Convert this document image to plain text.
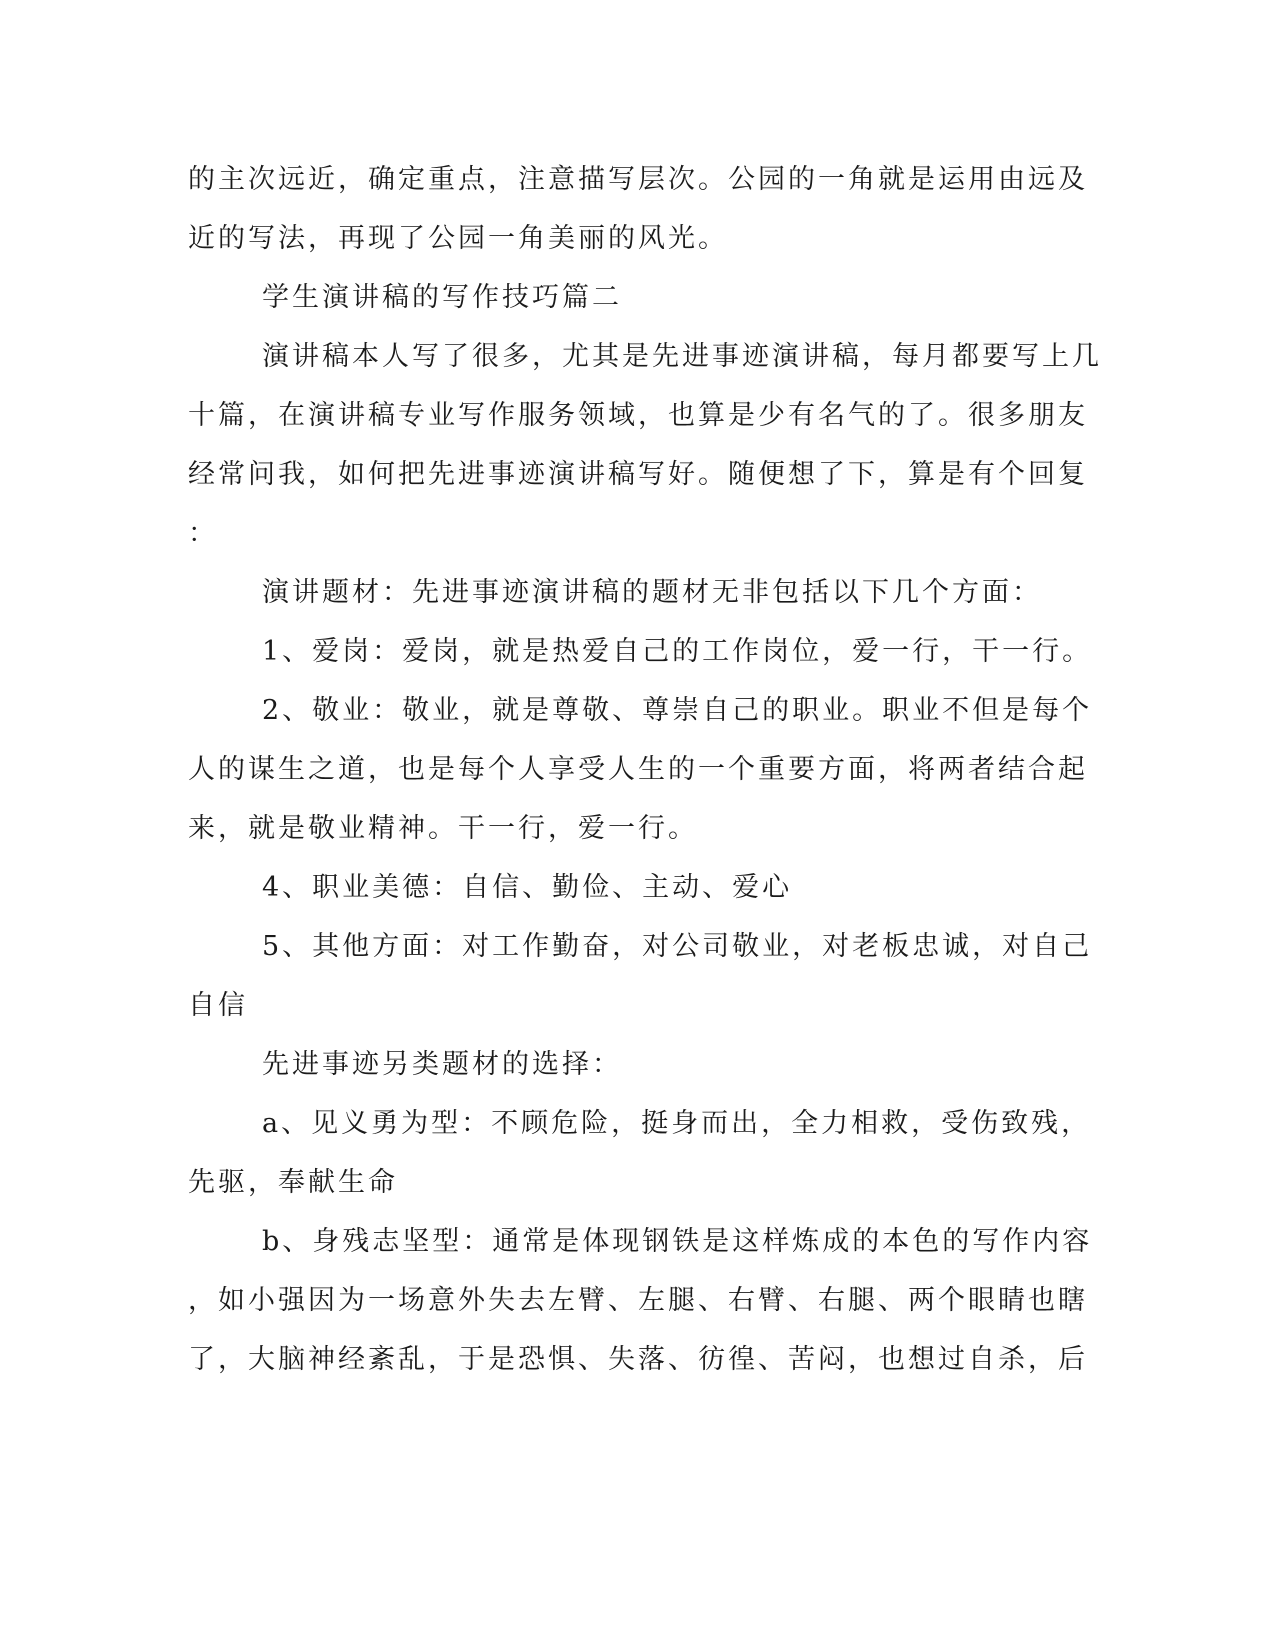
的主次远近，确定重点，注意描写层次。公园的一角就是运用由远及
近的写法，再现了公园一角美丽的风光。
学生演讲稿的写作技巧篇二
演讲稿本人写了很多，尤其是先进事迹演讲稿，每月都要写上几
十篇，在演讲稿专业写作服务领域，也算是少有名气的了。很多朋友
经常问我，如何把先进事迹演讲稿写好。随便想了下，算是有个回复
：
演讲题材：先进事迹演讲稿的题材无非包括以下几个方面：
1、爱岗：爱岗，就是热爱自己的工作岗位，爱一行，干一行。
2、敬业：敬业，就是尊敬、尊崇自己的职业。职业不但是每个
人的谋生之道，也是每个人享受人生的一个重要方面，将两者结合起
来，就是敬业精神。干一行，爱一行。
4、职业美德：自信、勤俭、主动、爱心
5、其他方面：对工作勤奋，对公司敬业，对老板忠诚，对自己
自信
先进事迹另类题材的选择：
a、见义勇为型：不顾危险，挺身而出，全力相救，受伤致残，
先驱，奉献生命
b、身残志坚型：通常是体现钢铁是这样炼成的本色的写作内容
，如小强因为一场意外失去左臂、左腿、右臂、右腿、两个眼睛也瞎
了，大脑神经紊乱，于是恐惧、失落、彷徨、苦闷，也想过自杀，后
